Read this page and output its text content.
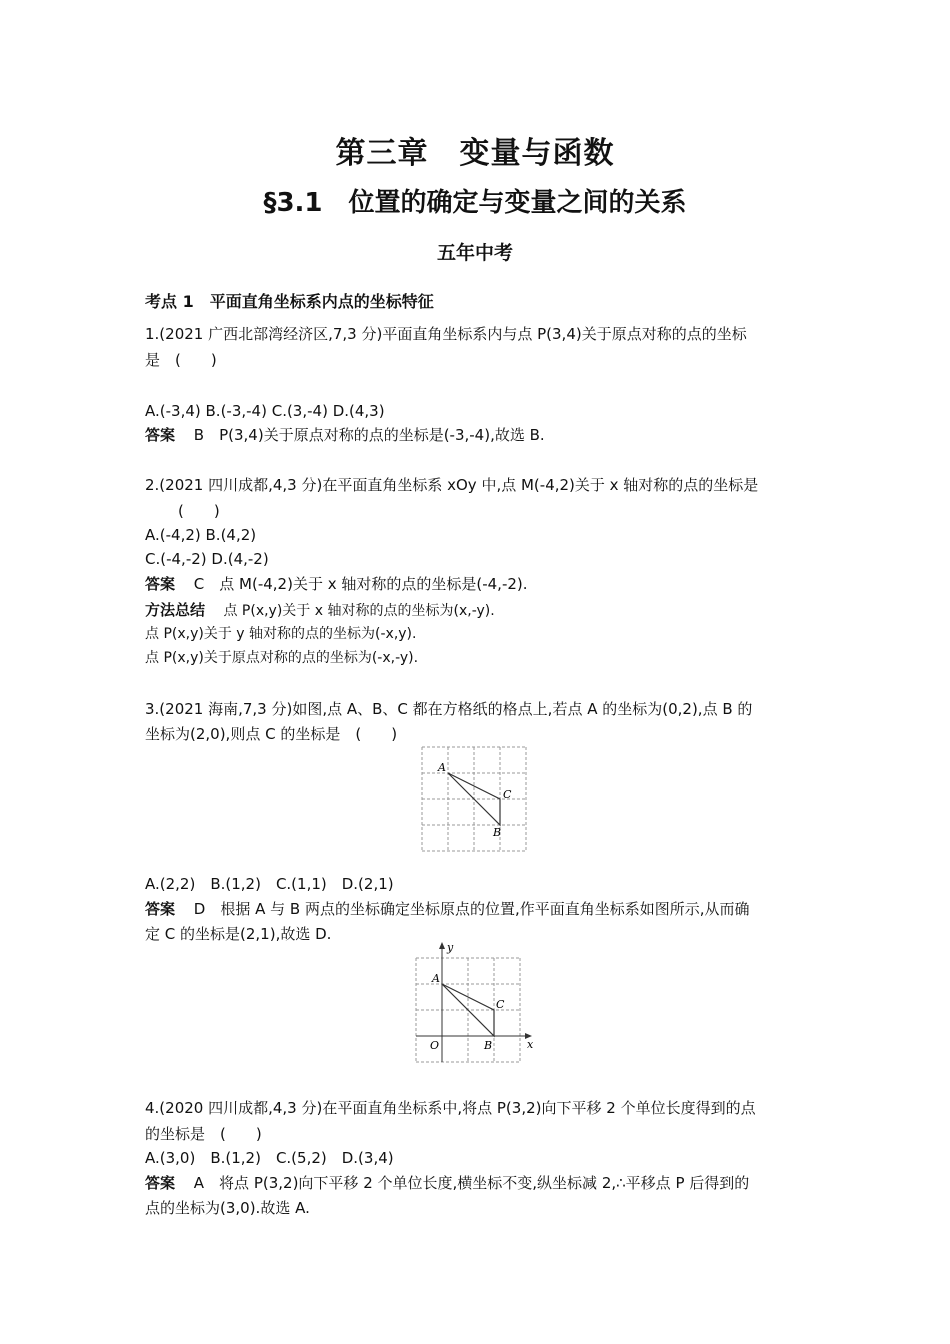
第三章　变量与函数
§3.1　位置的确定与变量之间的关系
五年中考
考点 1　平面直角坐标系内点的坐标特征
1.(2021 广西北部湾经济区,7,3 分)平面直角坐标系内与点 P(3,4)关于原点对称的点的坐标
是　(　　)
A.(-3,4) B.(-3,-4) C.(3,-4) D.(4,3)
答案 B　P(3,4)关于原点对称的点的坐标是(-3,-4),故选 B.
2.(2021 四川成都,4,3 分)在平面直角坐标系 xOy 中,点 M(-4,2)关于 x 轴对称的点的坐标是
(　　)
A.(-4,2) B.(4,2)
C.(-4,-2) D.(4,-2)
答案 C　点 M(-4,2)关于 x 轴对称的点的坐标是(-4,-2).
方法总结 点 P(x,y)关于 x 轴对称的点的坐标为(x,-y).
点 P(x,y)关于 y 轴对称的点的坐标为(-x,y).
点 P(x,y)关于原点对称的点的坐标为(-x,-y).
3.(2021 海南,7,3 分)如图,点 A、B、C 都在方格纸的格点上,若点 A 的坐标为(0,2),点 B 的
坐标为(2,0),则点 C 的坐标是　(　　)
A
C
B
A.(2,2)　B.(1,2)　C.(1,1)　D.(2,1)
答案 D　根据 A 与 B 两点的坐标确定坐标原点的位置,作平面直角坐标系如图所示,从而确
定 C 的坐标是(2,1),故选 D.
A
C
B
O	x
y
4.(2020 四川成都,4,3 分)在平面直角坐标系中,将点 P(3,2)向下平移 2 个单位长度得到的点
的坐标是　(　　)
A.(3,0)　B.(1,2)　C.(5,2)　D.(3,4)
答案 A　将点 P(3,2)向下平移 2 个单位长度,横坐标不变,纵坐标减 2,∴平移点 P 后得到的
点的坐标为(3,0).故选 A.
